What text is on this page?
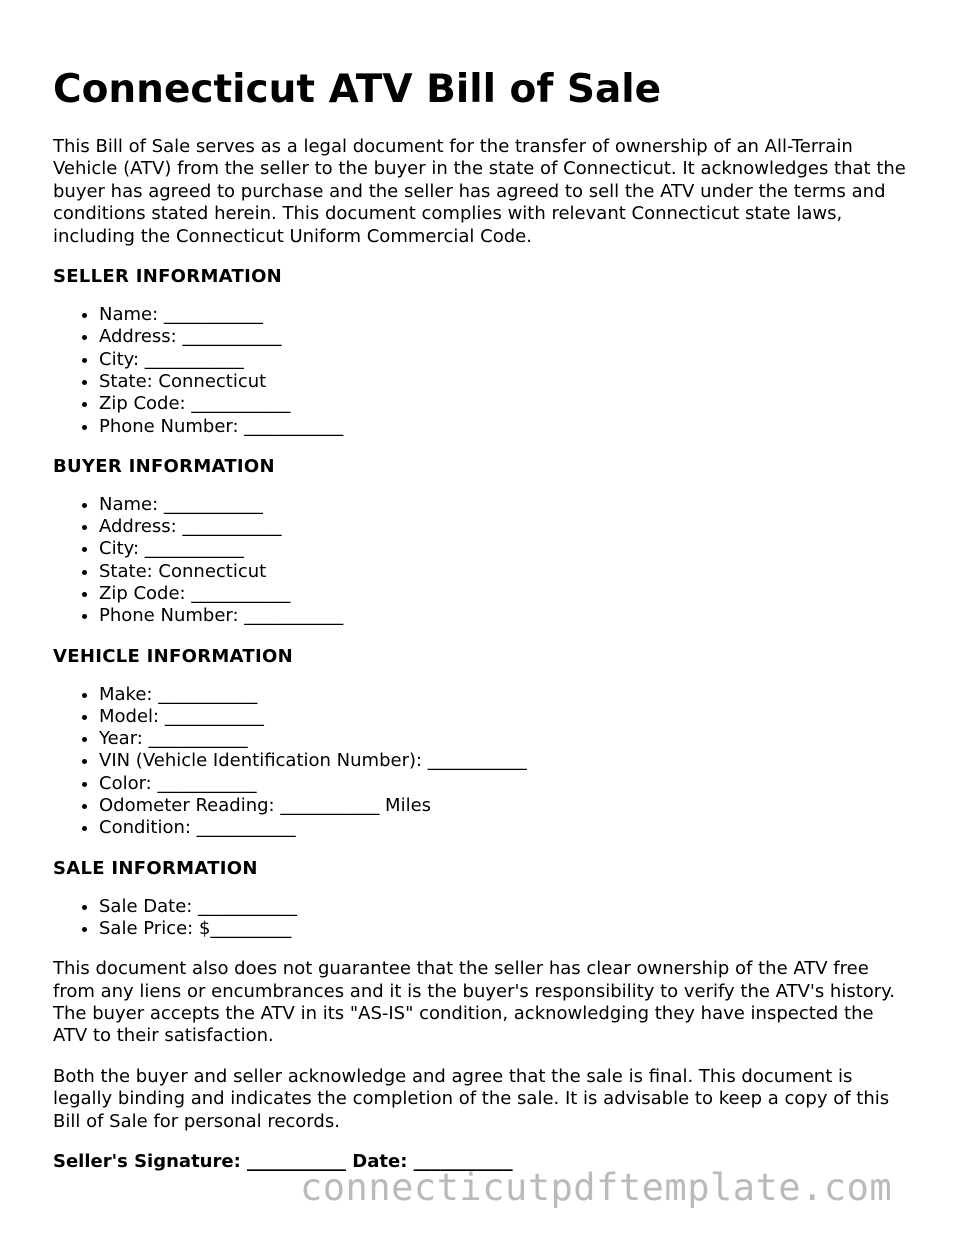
Connecticut ATV Bill of Sale

This Bill of Sale serves as a legal document for the transfer of ownership of an All-Terrain Vehicle (ATV) from the seller to the buyer in the state of Connecticut. It acknowledges that the buyer has agreed to purchase and the seller has agreed to sell the ATV under the terms and conditions stated herein. This document complies with relevant Connecticut state laws, including the Connecticut Uniform Commercial Code.

SELLER INFORMATION
• Name: ___________
• Address: ___________
• City: ___________
• State: Connecticut
• Zip Code: ___________
• Phone Number: ___________
BUYER INFORMATION
• Name: ___________
• Address: ___________
• City: ___________
• State: Connecticut
• Zip Code: ___________
• Phone Number: ___________
VEHICLE INFORMATION
• Make: ___________
• Model: ___________
• Year: ___________
• VIN (Vehicle Identification Number): ___________
• Color: ___________
• Odometer Reading: ___________ Miles
• Condition: ___________
SALE INFORMATION
• Sale Date: ___________
• Sale Price: $_________

This document also does not guarantee that the seller has clear ownership of the ATV free from any liens or encumbrances and it is the buyer's responsibility to verify the ATV's history. The buyer accepts the ATV in its "AS-IS" condition, acknowledging they have inspected the ATV to their satisfaction.

Both the buyer and seller acknowledge and agree that the sale is final. This document is legally binding and indicates the completion of the sale. It is advisable to keep a copy of this Bill of Sale for personal records.

Seller's Signature: ___________ Date: ___________

connecticutpdftemplate.com
